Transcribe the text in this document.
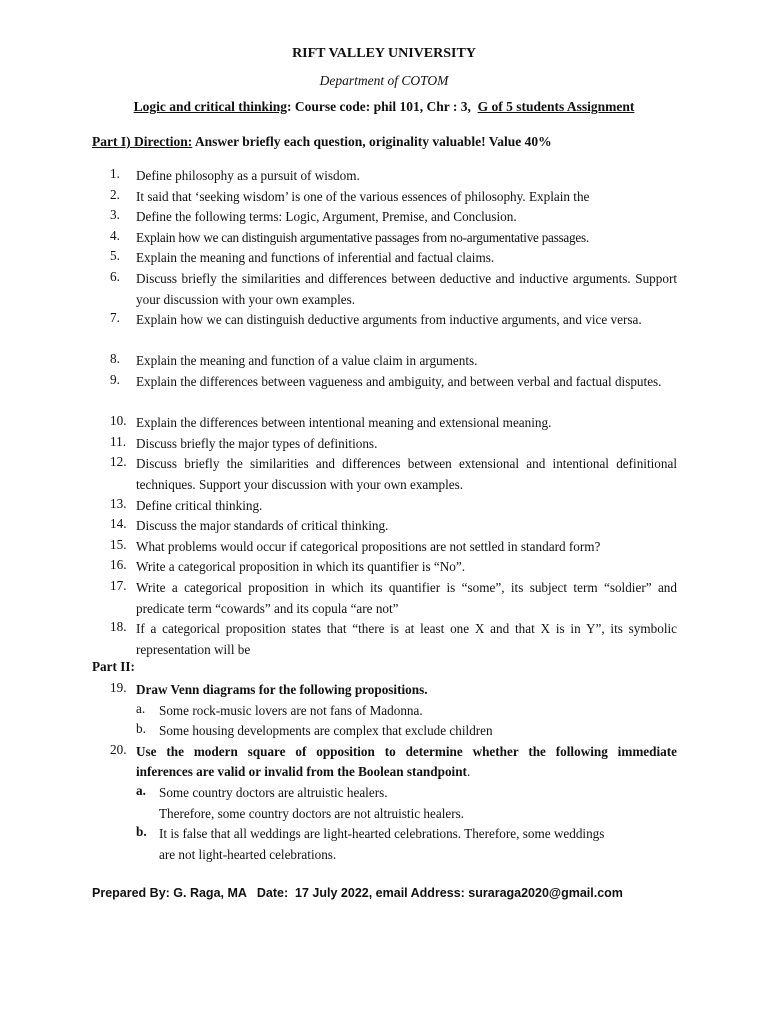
RIFT VALLEY UNIVERSITY
Department of COTOM
Logic and critical thinking: Course code: phil 101, Chr : 3,  G of 5 students Assignment
Part I) Direction: Answer briefly each question, originality valuable! Value 40%
1.	Define philosophy as a pursuit of wisdom.
2.	It said that ‘seeking wisdom’ is one of the various essences of philosophy. Explain the
3.	Define the following terms: Logic, Argument, Premise, and Conclusion.
4.	Explain how we can distinguish argumentative passages from no-argumentative passages.
5.	Explain the meaning and functions of inferential and factual claims.
6.	Discuss briefly the similarities and differences between deductive and inductive arguments. Support your discussion with your own examples.
7.	Explain how we can distinguish deductive arguments from inductive arguments, and vice versa.
8.	Explain the meaning and function of a value claim in arguments.
9.	Explain the differences between vagueness and ambiguity, and between verbal and factual disputes.
10. Explain the differences between intentional meaning and extensional meaning.
11. Discuss briefly the major types of definitions.
12. Discuss briefly the similarities and differences between extensional and intentional definitional techniques. Support your discussion with your own examples.
13. Define critical thinking.
14. Discuss the major standards of critical thinking.
15. What problems would occur if categorical propositions are not settled in standard form?
16. Write a categorical proposition in which its quantifier is “No”.
17. Write a categorical proposition in which its quantifier is “some”, its subject term “soldier” and predicate term “cowards” and its copula “are not”
18. If a categorical proposition states that “there is at least one X and that X is in Y”, its symbolic representation will be
Part II:
19. Draw Venn diagrams for the following propositions.
a. Some rock-music lovers are not fans of Madonna.
b. Some housing developments are complex that exclude children
20. Use the modern square of opposition to determine whether the following immediate
inferences are valid or invalid from the Boolean standpoint.
a. Some country doctors are altruistic healers.
Therefore, some country doctors are not altruistic healers.
b. It is false that all weddings are light-hearted celebrations. Therefore, some weddings
are not light-hearted celebrations.
Prepared By: G. Raga, MA   Date:  17 July 2022, email Address: suraraga2020@gmail.com
